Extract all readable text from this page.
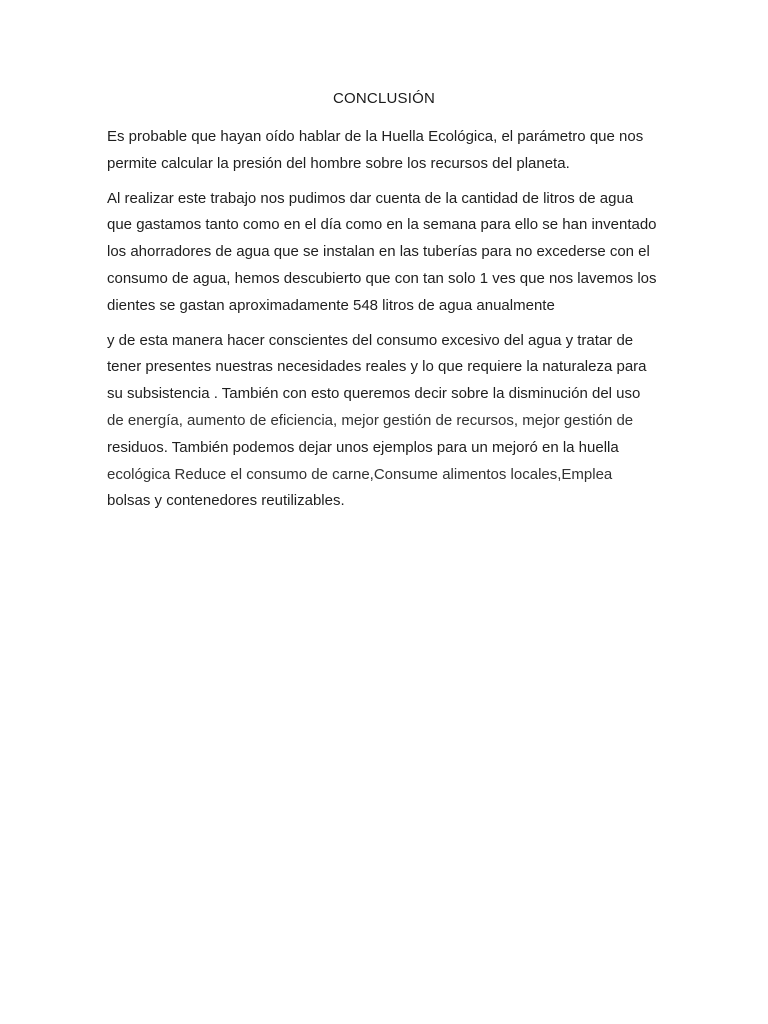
CONCLUSIÓN
Es probable que hayan oído hablar de la Huella Ecológica, el parámetro que nos
permite calcular la presión del hombre sobre los recursos del planeta.
Al realizar este trabajo nos pudimos dar cuenta de la cantidad de litros de agua
que gastamos tanto como en el día como en la semana para ello se han inventado
los ahorradores de agua que se instalan en las tuberías para no excederse con el
consumo de agua, hemos descubierto que con tan solo 1 ves que nos lavemos los
dientes se gastan aproximadamente 548 litros de agua anualmente
y de esta manera hacer conscientes del consumo excesivo del agua y tratar de
tener presentes nuestras necesidades reales y lo que requiere la naturaleza para
su subsistencia . También con esto queremos decir sobre la disminución del uso
de energía, aumento de eficiencia, mejor gestión de recursos, mejor gestión de
residuos. También podemos dejar unos ejemplos para un mejoró en la huella
ecológica Reduce el consumo de carne,Consume alimentos locales,Emplea
bolsas y contenedores reutilizables.
